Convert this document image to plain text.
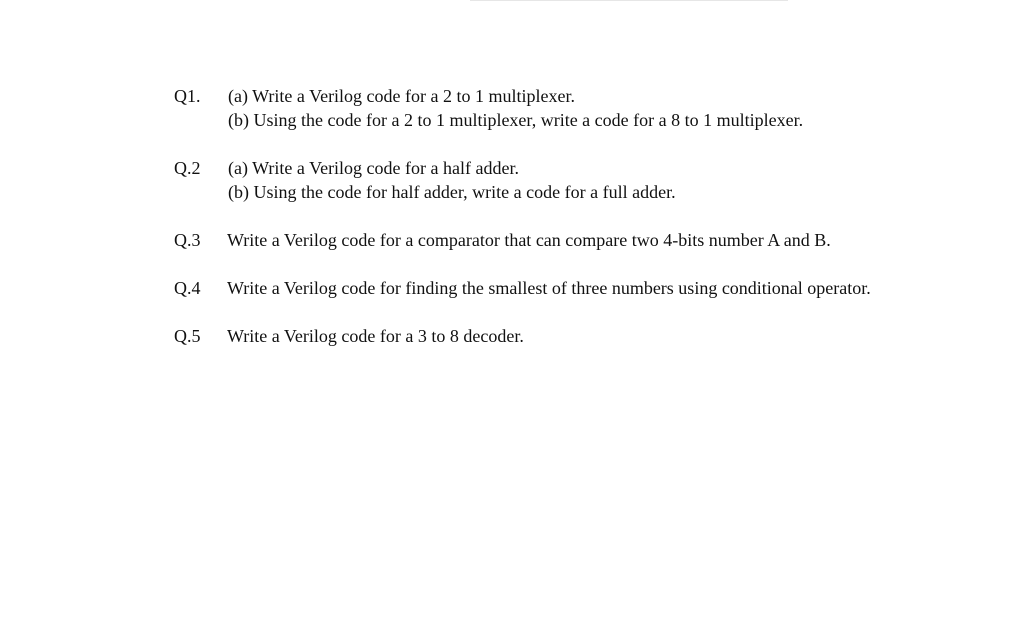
Q1. (a) Write a Verilog code for a 2 to 1 multiplexer.
(b) Using the code for a 2 to 1 multiplexer, write a code for a 8 to 1 multiplexer.
Q.2 (a) Write a Verilog code for a half adder.
(b) Using the code for half adder, write a code for a full adder.
Q.3 Write a Verilog code for a comparator that can compare two 4-bits number A and B.
Q.4 Write a Verilog code for finding the smallest of three numbers using conditional operator.
Q.5 Write a Verilog code for a 3 to 8 decoder.
